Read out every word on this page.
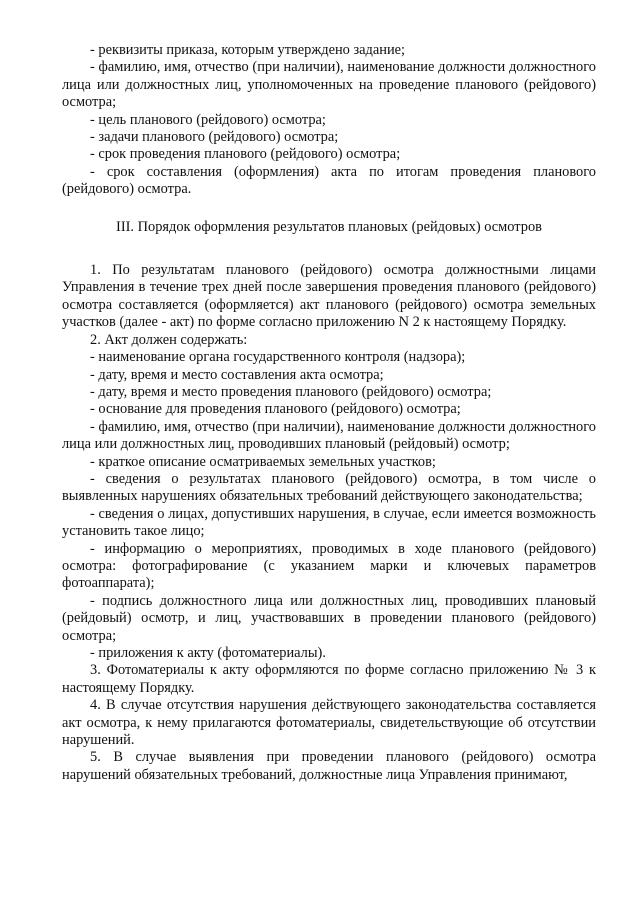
- реквизиты приказа, которым утверждено задание;

- фамилию, имя, отчество (при наличии), наименование должности должностного лица или должностных лиц, уполномоченных на проведение планового (рейдового) осмотра;

- цель планового (рейдового) осмотра;

- задачи планового (рейдового) осмотра;

- срок проведения планового (рейдового) осмотра;

- срок составления (оформления) акта по итогам проведения планового (рейдового) осмотра.

III. Порядок оформления результатов плановых (рейдовых) осмотров

1. По результатам планового (рейдового) осмотра должностными лицами Управления в течение трех дней после завершения проведения планового (рейдового) осмотра составляется (оформляется) акт планового (рейдового) осмотра земельных участков (далее - акт) по форме согласно приложению N 2 к настоящему Порядку.

2. Акт должен содержать:

- наименование органа государственного контроля (надзора);

- дату, время и место составления акта осмотра;

- дату, время и место проведения планового (рейдового) осмотра;

- основание для проведения планового (рейдового) осмотра;

- фамилию, имя, отчество (при наличии), наименование должности должностного лица или должностных лиц, проводивших плановый (рейдовый) осмотр;

- краткое описание осматриваемых земельных участков;

- сведения о результатах планового (рейдового) осмотра, в том числе о выявленных нарушениях обязательных требований действующего законодательства;

- сведения о лицах, допустивших нарушения, в случае, если имеется возможность установить такое лицо;

- информацию о мероприятиях, проводимых в ходе планового (рейдового) осмотра: фотографирование (с указанием марки и ключевых параметров фотоаппарата);

- подпись должностного лица или должностных лиц, проводивших плановый (рейдовый) осмотр, и лиц, участвовавших в проведении планового (рейдового) осмотра;

- приложения к акту (фотоматериалы).

3. Фотоматериалы к акту оформляются по форме согласно приложению № 3 к настоящему Порядку.

4. В случае отсутствия нарушения действующего законодательства составляется акт осмотра, к нему прилагаются фотоматериалы, свидетельствующие об отсутствии нарушений.

5. В случае выявления при проведении планового (рейдового) осмотра нарушений обязательных требований, должностные лица Управления принимают,
